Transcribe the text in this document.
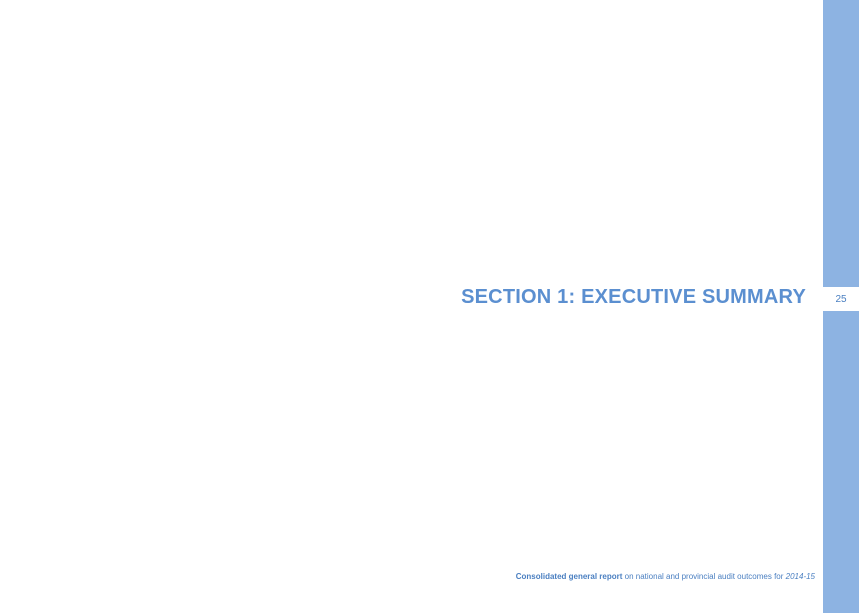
25
SECTION 1: EXECUTIVE SUMMARY
Consolidated general report on national and provincial audit outcomes for 2014-15
